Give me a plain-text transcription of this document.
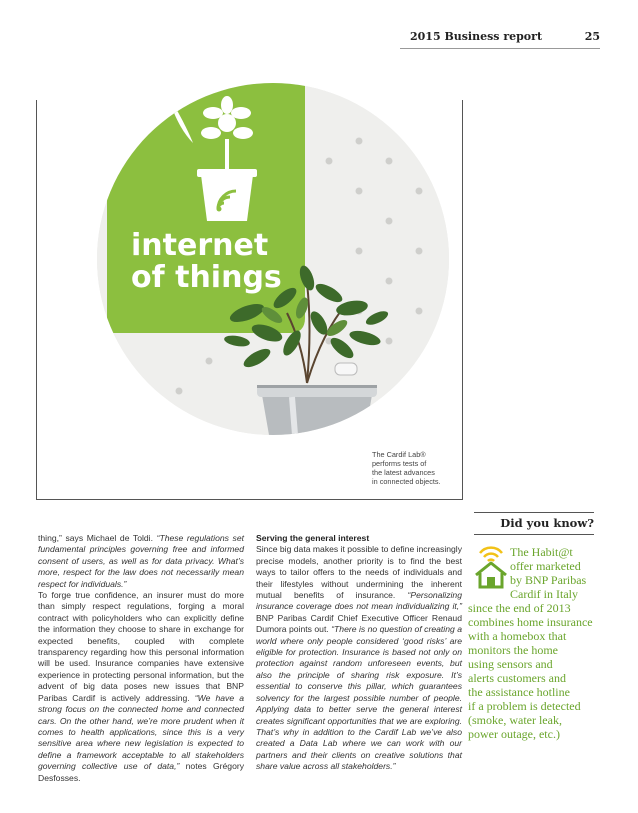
2015 Business report	25
internet
of things
The Cardif Lab®
performs tests of
the latest advances
in connected objects.

thing,” says Michael de Toldi. “These regulations set fundamental principles governing free and informed consent of users, as well as for data privacy. What’s more, respect for the law does not necessarily mean respect for individuals.”

To forge true confidence, an insurer must do more than simply respect regulations, forging a moral contract with policyholders who can explicitly define the information they choose to share in exchange for expected benefits, coupled with complete transparency regarding how this personal information will be used. Insurance companies have extensive experience in protecting personal information, but the advent of big data poses new issues that BNP Paribas Cardif is actively addressing. “We have a strong focus on the connected home and connected cars. On the other hand, we’re more prudent when it comes to health applications, since this is a very sensitive area where new legislation is expected to define a framework acceptable to all stakeholders governing collective use of data,” notes Grégory Desfosses.

Serving the general interest

Since big data makes it possible to define increasingly precise models, another priority is to find the best ways to tailor offers to the needs of individuals and their lifestyles without undermining the inherent mutual benefits of insurance. “Personalizing insurance coverage does not mean individualizing it,” BNP Paribas Cardif Chief Executive Officer Renaud Dumora points out. “There is no question of creating a world where only people considered ‘good risks’ are eligible for protection. Insurance is based not only on protection against random unforeseen events, but also the principle of sharing risk exposure. It’s essential to conserve this pillar, which guarantees solvency for the largest possible number of people. Applying data to better serve the general interest creates significant opportunities that we are exploring. That’s why in addition to the Cardif Lab we’ve also created a Data Lab where we can work with our partners and their clients on creative solutions that share value across all stakeholders.”

Did you know?
The Habit@t
offer marketed
by BNP Paribas
Cardif in Italy
since the end of 2013
combines home insurance
with a homebox that
monitors the home
using sensors and
alerts customers and
the assistance hotline
if a problem is detected
(smoke, water leak,
power outage, etc.)
